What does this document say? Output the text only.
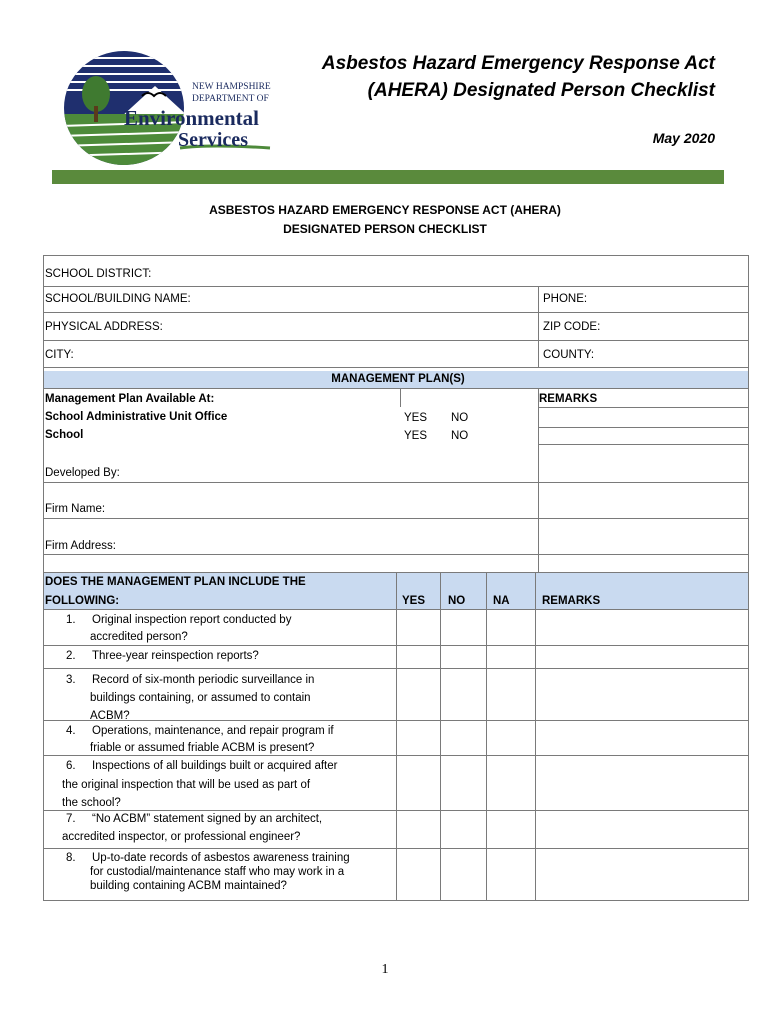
NEW HAMPSHIRE
DEPARTMENT OF
Environmental
Services
Asbestos Hazard Emergency Response Act
(AHERA) Designated Person Checklist
May 2020
ASBESTOS HAZARD EMERGENCY RESPONSE ACT (AHERA)
DESIGNATED PERSON CHECKLIST
SCHOOL DISTRICT:
SCHOOL/BUILDING NAME:	PHONE:
PHYSICAL ADDRESS:	ZIP CODE:
CITY:	COUNTY:
MANAGEMENT PLAN(S)
Management Plan Available At:	REMARKS
School Administrative Unit Office	YES NO
School	YES NO
Developed By:
Firm Name:
Firm Address:
DOES THE MANAGEMENT PLAN INCLUDE THE
FOLLOWING:	YES NO NA	REMARKS
1. Original inspection report conducted by
accredited person?
2. Three-year reinspection reports?
3. Record of six-month periodic surveillance in
buildings containing, or assumed to contain
ACBM?
4. Operations, maintenance, and repair program if
friable or assumed friable ACBM is present?
6. Inspections of all buildings built or acquired after
the original inspection that will be used as part of
the school?
7. “No ACBM” statement signed by an architect,
accredited inspector, or professional engineer?
8. Up-to-date records of asbestos awareness training
for custodial/maintenance staff who may work in a
building containing ACBM maintained?
1
